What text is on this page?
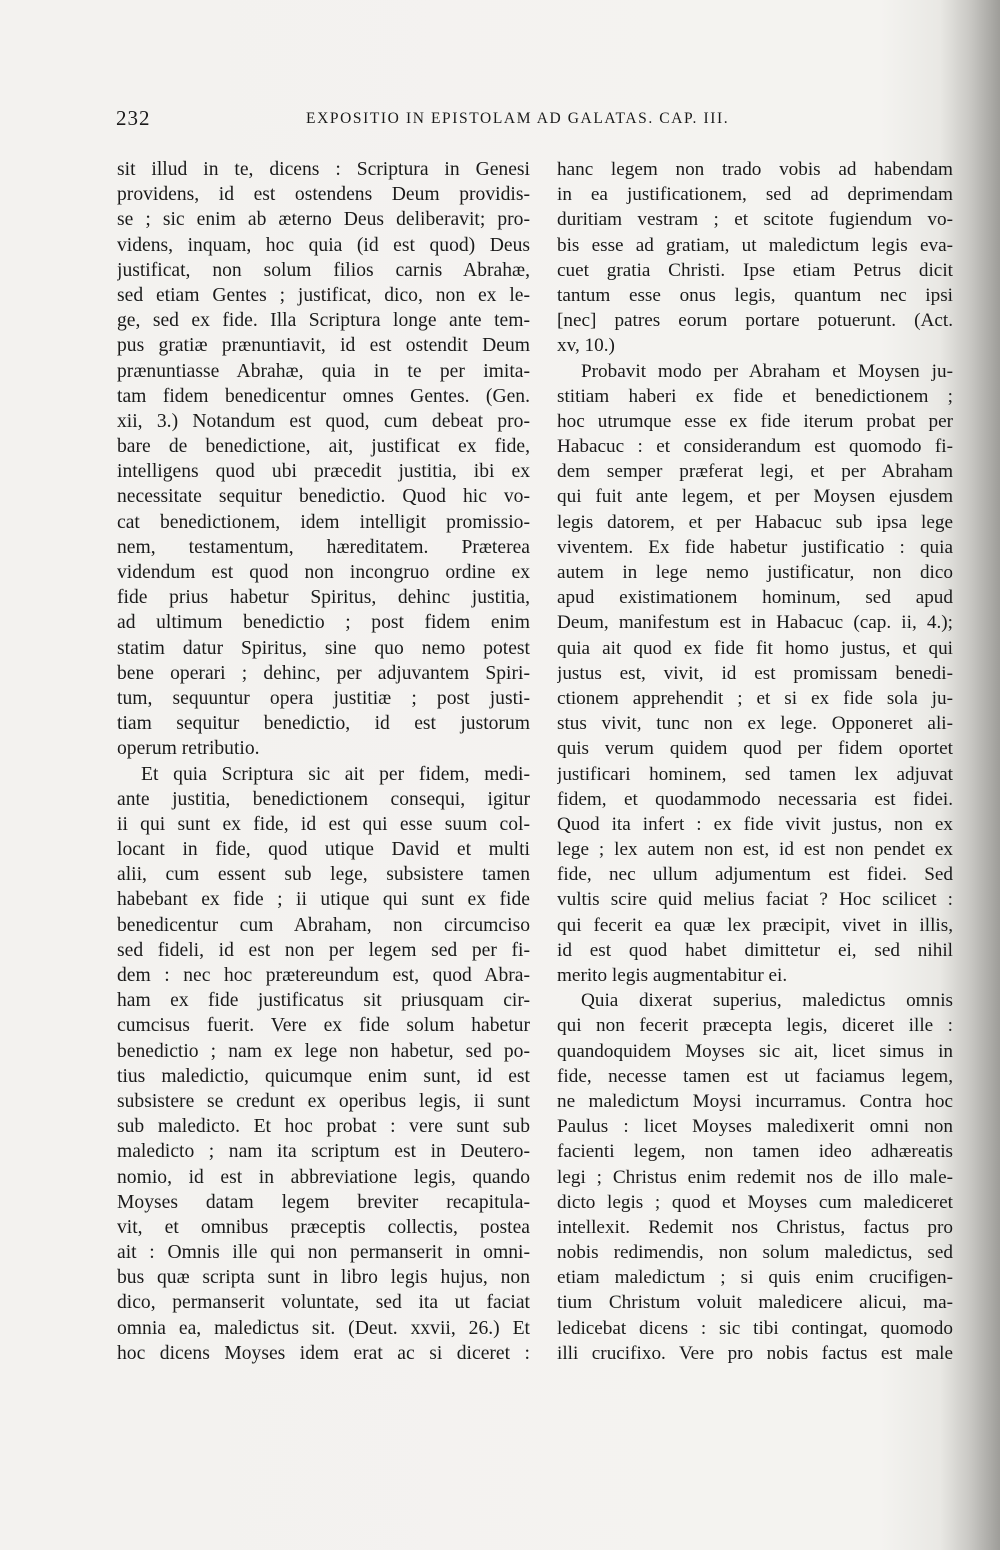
232	EXPOSITIO IN EPISTOLAM AD GALATAS. CAP. III.
sit illud in te, dicens : Scriptura in Genesi
providens, id est ostendens Deum providis-
se ; sic enim ab æterno Deus deliberavit; pro-
videns, inquam, hoc quia (id est quod) Deus
justificat, non solum filios carnis Abrahæ,
sed etiam Gentes ; justificat, dico, non ex le-
ge, sed ex fide. Illa Scriptura longe ante tem-
pus gratiæ prænuntiavit, id est ostendit Deum
prænuntiasse Abrahæ, quia in te per imita-
tam fidem benedicentur omnes Gentes. (Gen.
xii, 3.) Notandum est quod, cum debeat pro-
bare de benedictione, ait, justificat ex fide,
intelligens quod ubi præcedit justitia, ibi ex
necessitate sequitur benedictio. Quod hic vo-
cat benedictionem, idem intelligit promissio-
nem, testamentum, hæreditatem. Præterea
videndum est quod non incongruo ordine ex
fide prius habetur Spiritus, dehinc justitia,
ad ultimum benedictio ; post fidem enim
statim datur Spiritus, sine quo nemo potest
bene operari ; dehinc, per adjuvantem Spiri-
tum, sequuntur opera justitiæ ; post justi-
tiam sequitur benedictio, id est justorum
operum retributio.
Et quia Scriptura sic ait per fidem, medi-
ante justitia, benedictionem consequi, igitur
ii qui sunt ex fide, id est qui esse suum col-
locant in fide, quod utique David et multi
alii, cum essent sub lege, subsistere tamen
habebant ex fide ; ii utique qui sunt ex fide
benedicentur cum Abraham, non circumciso
sed fideli, id est non per legem sed per fi-
dem : nec hoc prætereundum est, quod Abra-
ham ex fide justificatus sit priusquam cir-
cumcisus fuerit. Vere ex fide solum habetur
benedictio ; nam ex lege non habetur, sed po-
tius maledictio, quicumque enim sunt, id est
subsistere se credunt ex operibus legis, ii sunt
sub maledicto. Et hoc probat : vere sunt sub
maledicto ; nam ita scriptum est in Deutero-
nomio, id est in abbreviatione legis, quando
Moyses datam legem breviter recapitula-
vit, et omnibus præceptis collectis, postea
ait : Omnis ille qui non permanserit in omni-
bus quæ scripta sunt in libro legis hujus, non
dico, permanserit voluntate, sed ita ut faciat
omnia ea, maledictus sit. (Deut. xxvii, 26.) Et
hoc dicens Moyses idem erat ac si diceret :
hanc legem non trado vobis ad habendam
in ea justificationem, sed ad deprimendam
duritiam vestram ; et scitote fugiendum vo-
bis esse ad gratiam, ut maledictum legis eva-
cuet gratia Christi. Ipse etiam Petrus dicit
tantum esse onus legis, quantum nec ipsi
[nec] patres eorum portare potuerunt. (Act.
xv, 10.)
Probavit modo per Abraham et Moysen ju-
stitiam haberi ex fide et benedictionem ;
hoc utrumque esse ex fide iterum probat per
Habacuc : et considerandum est quomodo fi-
dem semper præferat legi, et per Abraham
qui fuit ante legem, et per Moysen ejusdem
legis datorem, et per Habacuc sub ipsa lege
viventem. Ex fide habetur justificatio : quia
autem in lege nemo justificatur, non dico
apud existimationem hominum, sed apud
Deum, manifestum est in Habacuc (cap. ii, 4.);
quia ait quod ex fide fit homo justus, et qui
justus est, vivit, id est promissam benedi-
ctionem apprehendit ; et si ex fide sola ju-
stus vivit, tunc non ex lege. Opponeret ali-
quis verum quidem quod per fidem oportet
justificari hominem, sed tamen lex adjuvat
fidem, et quodammodo necessaria est fidei.
Quod ita infert : ex fide vivit justus, non ex
lege ; lex autem non est, id est non pendet ex
fide, nec ullum adjumentum est fidei. Sed
vultis scire quid melius faciat ? Hoc scilicet :
qui fecerit ea quæ lex præcipit, vivet in illis,
id est quod habet dimittetur ei, sed nihil
merito legis augmentabitur ei.
Quia dixerat superius, maledictus omnis
qui non fecerit præcepta legis, diceret ille :
quandoquidem Moyses sic ait, licet simus in
fide, necesse tamen est ut faciamus legem,
ne maledictum Moysi incurramus. Contra hoc
Paulus : licet Moyses maledixerit omni non
facienti legem, non tamen ideo adhæreatis
legi ; Christus enim redemit nos de illo male-
dicto legis ; quod et Moyses cum malediceret
intellexit. Redemit nos Christus, factus pro
nobis redimendis, non solum maledictus, sed
etiam maledictum ; si quis enim crucifigen-
tium Christum voluit maledicere alicui, ma-
ledicebat dicens : sic tibi contingat, quomodo
illi crucifixo. Vere pro nobis factus est male
